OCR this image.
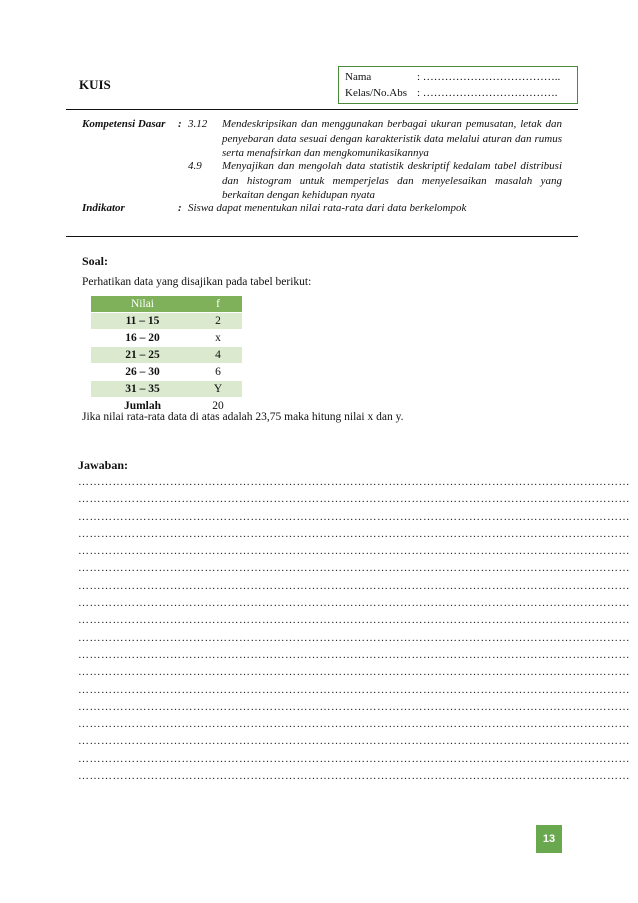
KUIS	Nama	: ………………………………..
Kelas/No.Abs : ……………………………….
Kompetensi Dasar : 3.12 Mendeskripsikan dan menggunakan berbagai ukuran pemusatan, letak dan penyebaran data sesuai dengan karakteristik data melalui aturan dan rumus serta menafsirkan dan mengkomunikasikannya
4.9 Menyajikan dan mengolah data statistik deskriptif kedalam tabel distribusi dan histogram untuk memperjelas dan menyelesaikan masalah yang berkaitan dengan kehidupan nyata
Indikator	: Siswa dapat menentukan nilai rata-rata dari data berkelompok
Soal:
Perhatikan data yang disajikan pada tabel berikut:
Nilai	f
11 – 15	2
16 – 20	x
21 – 25	4
26 – 30	6
31 – 35	Y
Jumlah	20
Jika nilai rata-rata data di atas adalah 23,75 maka hitung nilai x dan y.
Jawaban:
………………………………………………………………………………………………………………………………
………………………………………………………………………………………………………………………………
………………………………………………………………………………………………………………………………
………………………………………………………………………………………………………………………………
………………………………………………………………………………………………………………………………
………………………………………………………………………………………………………………………………
………………………………………………………………………………………………………………………………
………………………………………………………………………………………………………………………………
………………………………………………………………………………………………………………………………
………………………………………………………………………………………………………………………………
………………………………………………………………………………………………………………………………
………………………………………………………………………………………………………………………………
………………………………………………………………………………………………………………………………
………………………………………………………………………………………………………………………………
………………………………………………………………………………………………………………………………
………………………………………………………………………………………………………………………………
………………………………………………………………………………………………………………………………
………………………………………………………………………………………………………………………………
13
